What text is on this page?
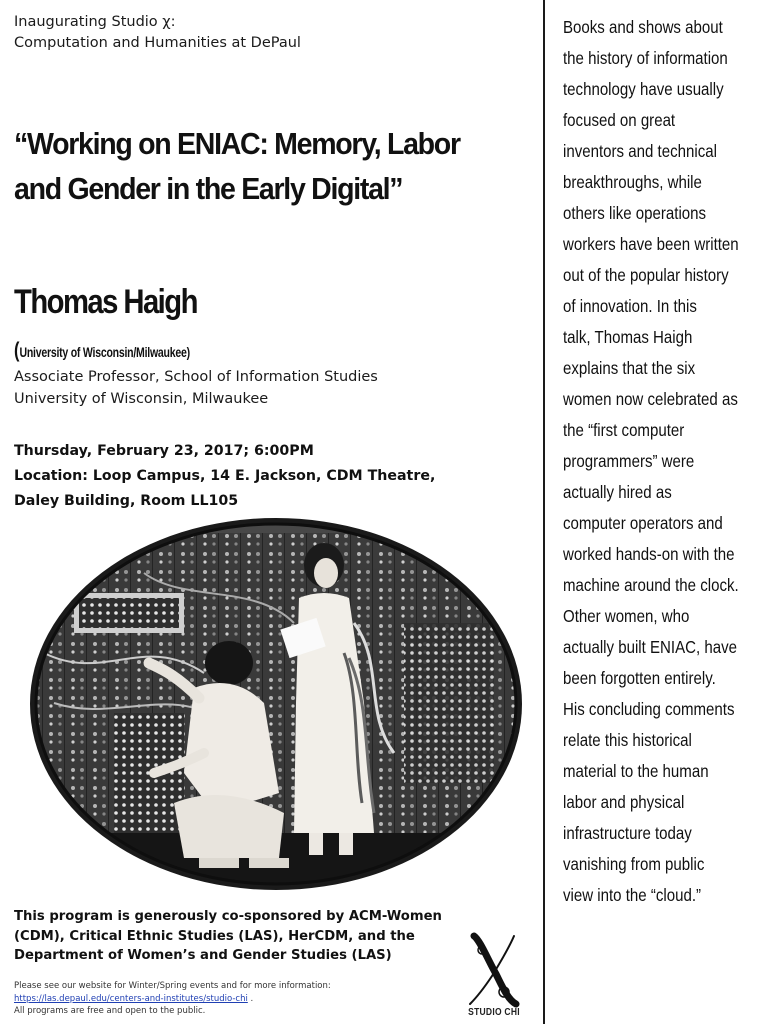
Inaugurating Studio χ:
Computation and Humanities at DePaul
“Working on ENIAC: Memory, Labor
and Gender in the Early Digital”
Thomas Haigh
(University of Wisconsin/Milwaukee)
Associate Professor, School of Information Studies
University of Wisconsin, Milwaukee
Thursday, February 23, 2017; 6:00PM
Location: Loop Campus, 14 E. Jackson, CDM Theatre,
Daley Building, Room LL105
This program is generously co-sponsored by ACM-Women
(CDM), Critical Ethnic Studies (LAS), HerCDM, and the
Department of Women’s and Gender Studies (LAS)
Please see our website for Winter/Spring events and for more information:
https://las.depaul.edu/centers-and-institutes/studio-chi .
All programs are free and open to the public.	STUDIO CHI
Books and shows about
the history of information
technology have usually
focused on great
inventors and technical
breakthroughs, while
others like operations
workers have been written
out of the popular history
of innovation. In this
talk, Thomas Haigh
explains that the six
women now celebrated as
the “first computer
programmers” were
actually hired as
computer operators and
worked hands-on with the
machine around the clock.
Other women, who
actually built ENIAC, have
been forgotten entirely.
His concluding comments
relate this historical
material to the human
labor and physical
infrastructure today
vanishing from public
view into the “cloud.”
